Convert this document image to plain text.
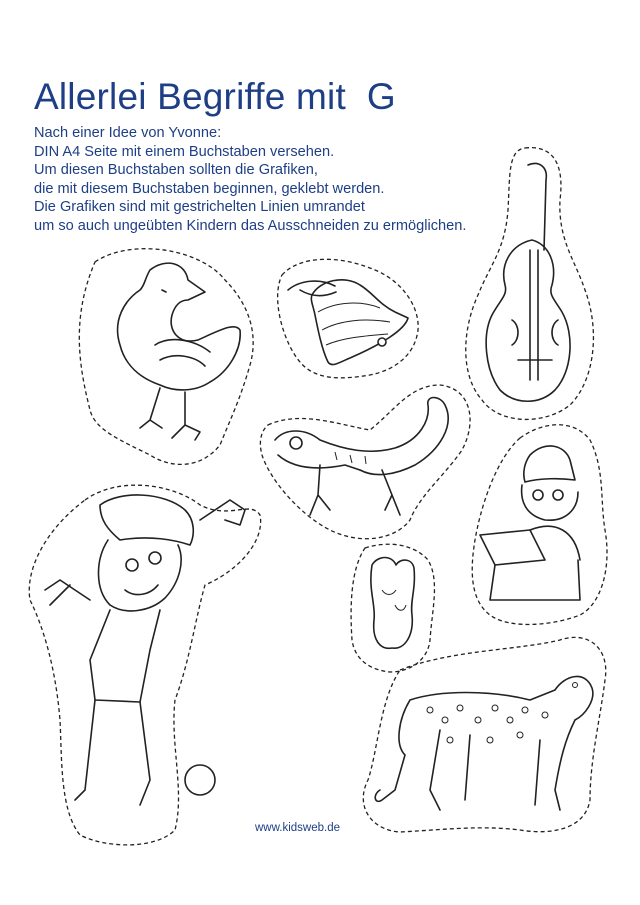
Allerlei Begriffe mit  G
Nach einer Idee von Yvonne:
DIN A4 Seite mit einem Buchstaben versehen.
Um diesen Buchstaben sollten die Grafiken,
die mit diesem Buchstaben beginnen, geklebt werden.
Die Grafiken sind mit gestrichelten Linien umrandet
um so auch ungeübten Kindern das Ausschneiden zu ermöglichen.
www.kidsweb.de
